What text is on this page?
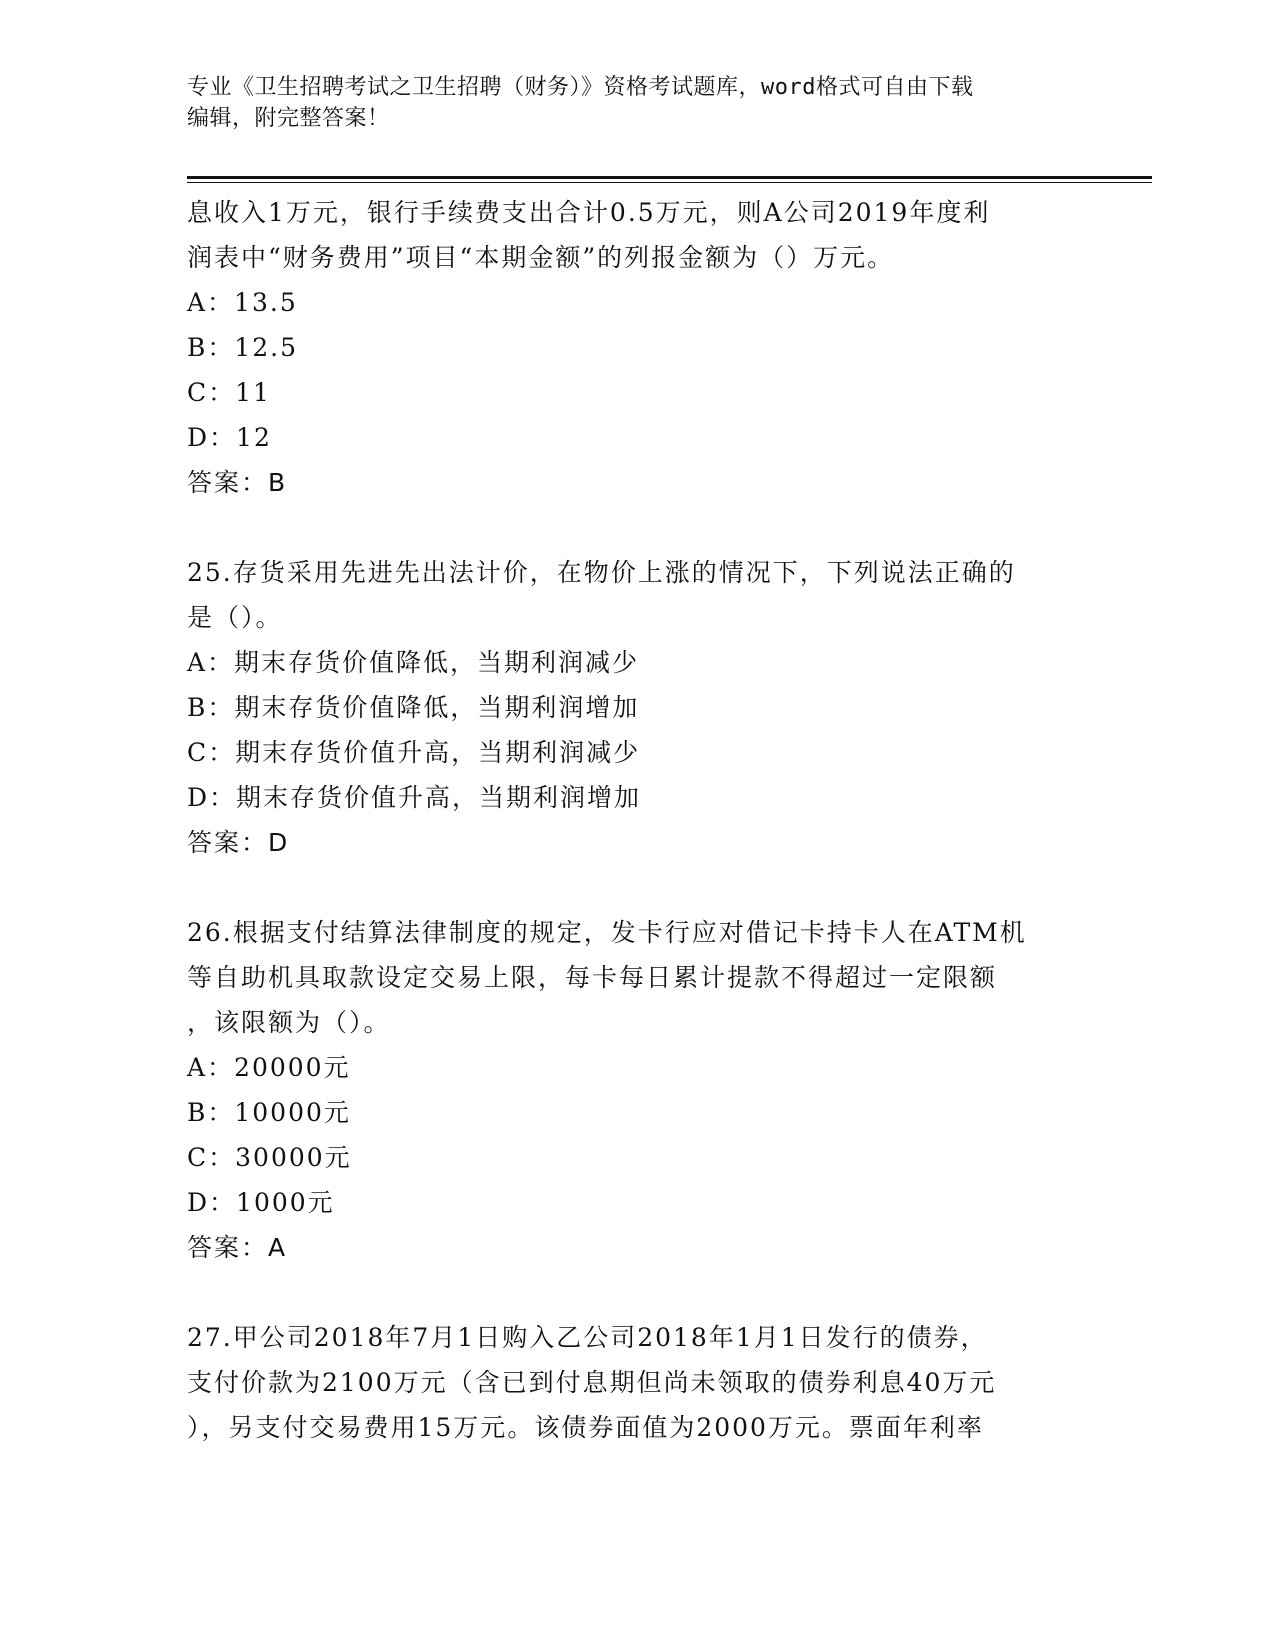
专业《卫生招聘考试之卫生招聘（财务）》资格考试题库，word格式可自由下载
编辑，附完整答案！
息收入1万元，银行手续费支出合计0.5万元，则A公司2019年度利
润表中“财务费用”项目“本期金额”的列报金额为（）万元。
A：13.5
B：12.5
C：11
D：12
答案：B
25.存货采用先进先出法计价，在物价上涨的情况下，下列说法正确的
是（）。
A：期末存货价值降低，当期利润减少
B：期末存货价值降低，当期利润增加
C：期末存货价值升高，当期利润减少
D：期末存货价值升高，当期利润增加
答案：D
26.根据支付结算法律制度的规定，发卡行应对借记卡持卡人在ATM机
等自助机具取款设定交易上限，每卡每日累计提款不得超过一定限额
，该限额为（）。
A：20000元
B：10000元
C：30000元
D：1000元
答案：A
27.甲公司2018年7月1日购入乙公司2018年1月1日发行的债券，
支付价款为2100万元（含已到付息期但尚未领取的债券利息40万元
），另支付交易费用15万元。该债券面值为2000万元。票面年利率
